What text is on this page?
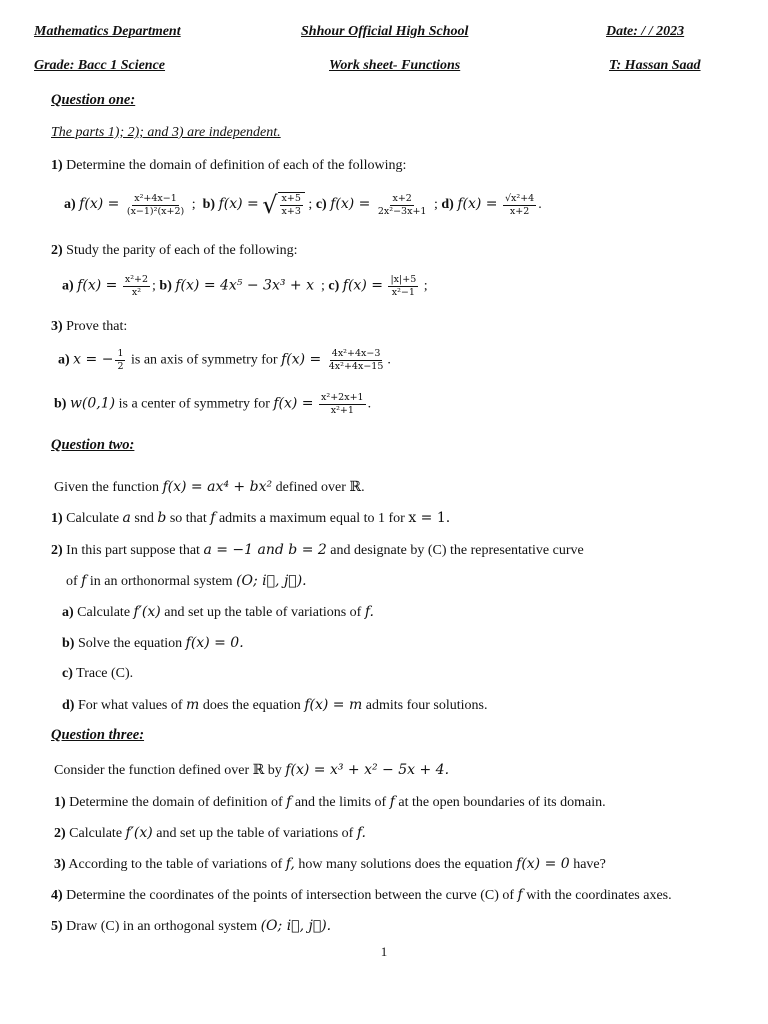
Mathematics Department	Shhour Official High School	Date: / / 2023
Grade: Bacc 1 Science	Work sheet- Functions	T: Hassan Saad
Question one:
The parts 1); 2); and 3) are independent.
1) Determine the domain of definition of each of the following:
a) $f(x) = \frac{\text{x²+4x−1}}{\text{(x−1)²(x+2)}}$ ;  b) f(x) = √ $\frac{x+5}{x+3}$ ; c) $f(x) = \frac{x+2}{\text{2x²−3x+1}}$ ; d) $f(x) = \frac{\text{√x²+4}}{x+2}$ .
2) Study the parity of each of the following:
a) $f(x) = \frac{\text{x²+2}}{\text{x²}}$ ; b) f(x) = 4x⁵ − 3x³ + x  ; c) $f(x) = \frac{|x|+5}{\text{x²−1}}$ ;
3) Prove that:
a) x = − $\frac{1}{2}$ is an axis of symmetry for $f(x) = \frac{\text{4x²+4x−3}}{\text{4x²+4x−15}}$ .
b) w(0,1) is a center of symmetry for $f(x) = \frac{\text{x²+2x+1}}{\text{x²+1}}$ .
Question two:
Given the function f(x) = ax⁴ + bx² defined over ℝ.
1) Calculate a snd b so that f admits a maximum equal to 1 for x = 1.
2) In this part suppose that a = −1 and b = 2 and designate by (C) the representative curve
of f in an orthonormal system (O; i⃗, j⃗).
a) Calculate f′(x) and set up the table of variations of f.
b) Solve the equation f(x) = 0.
c) Trace (C).
d) For what values of m does the equation f(x) = m admits four solutions.
Question three:
Consider the function defined over ℝ by f(x) = x³ + x² − 5x + 4.
1) Determine the domain of definition of f and the limits of f at the open boundaries of its domain.
2) Calculate f′(x) and set up the table of variations of f.
3) According to the table of variations of f, how many solutions does the equation f(x) = 0 have?
4) Determine the coordinates of the points of intersection between the curve (C) of f with the coordinates axes.
5) Draw (C) in an orthogonal system (O; i⃗, j⃗).
1
